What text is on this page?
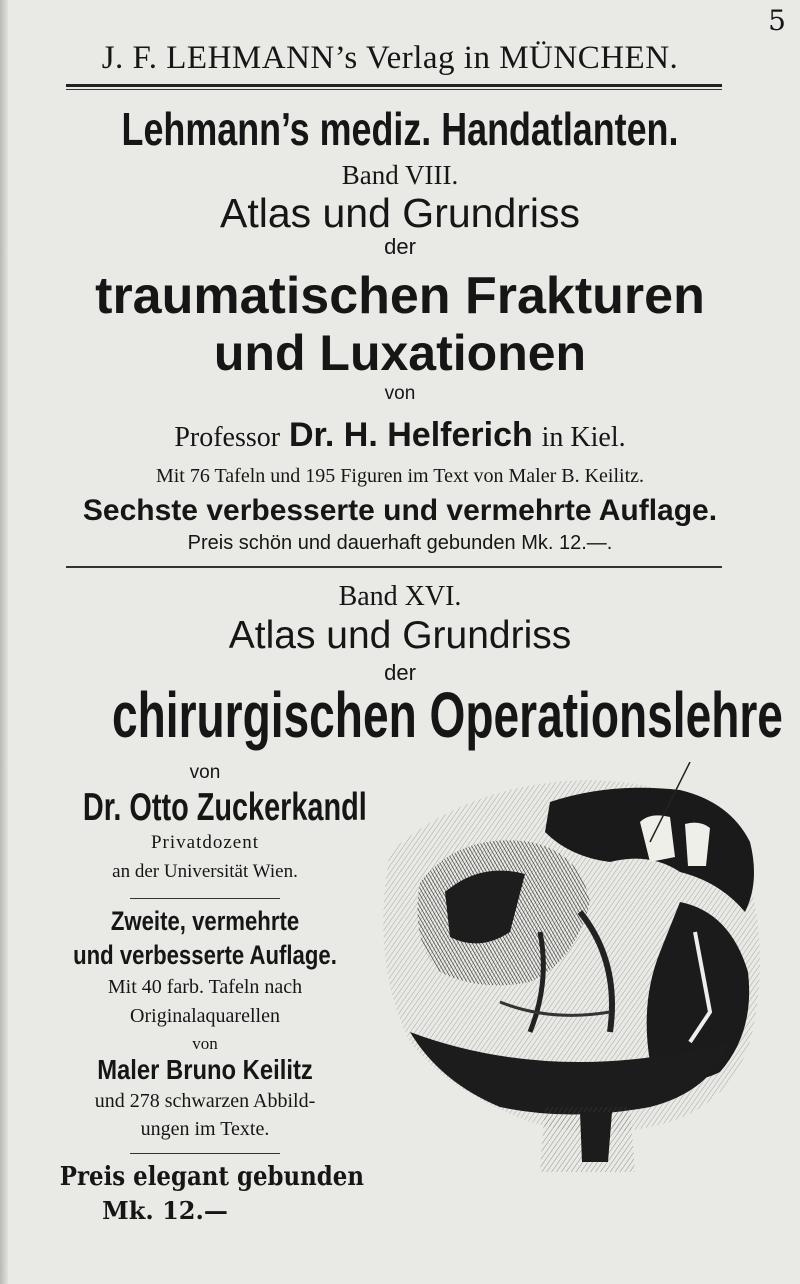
5
J. F. LEHMANN’s Verlag in MÜNCHEN.
Lehmann’s mediz. Handatlanten.
Band VIII.
Atlas und Grundriss
der
traumatischen Frakturen
und Luxationen
von
Professor Dr. H. Helferich in Kiel.
Mit 76 Tafeln und 195 Figuren im Text von Maler B. Keilitz.
Sechste verbesserte und vermehrte Auflage.
Preis schön und dauerhaft gebunden Mk. 12.—.
Band XVI.
Atlas und Grundriss
der
chirurgischen Operationslehre
von
Dr. Otto Zuckerkandl
Privatdozent
an der Universität Wien.
Zweite, vermehrte
und verbesserte Auflage.
Mit 40 farb. Tafeln nach
Originalaquarellen
von
Maler Bruno Keilitz
und 278 schwarzen Abbild-
ungen im Texte.
Preis elegant gebunden
Mk. 12.—
